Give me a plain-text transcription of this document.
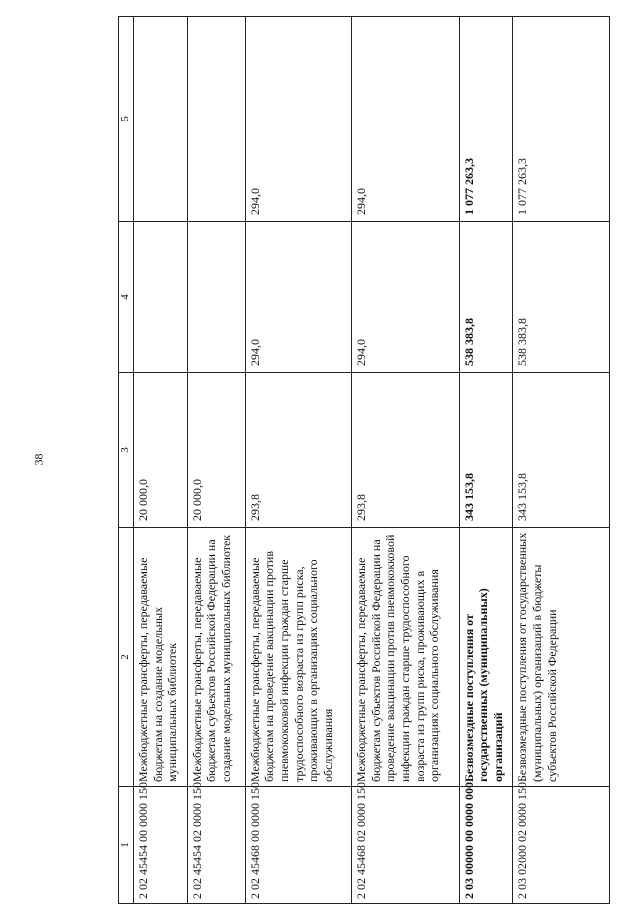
38
1	2	3	4	5
2 02 45454 00 0000 150	Межбюджетные трансферты, передаваемые бюджетам на создание модельных муниципальных библиотек	20 000,0		
2 02 45454 02 0000 150	Межбюджетные трансферты, передаваемые бюджетам субъектов Российской Федерации на создание модельных муниципальных библиотек	20 000,0		
2 02 45468 00 0000 150	Межбюджетные трансферты, передаваемые бюджетам на проведение вакцинации против пневмококковой инфекции граждан старше трудоспособного возраста из групп риска, проживающих в организациях социального обслуживания	293,8	294,0	294,0
2 02 45468 02 0000 150	Межбюджетные трансферты, передаваемые бюджетам субъектов Российской Федерации на проведение вакцинации против пневмококковой инфекции граждан старше трудоспособного возраста из групп риска, проживающих в организациях социального обслуживания	293,8	294,0	294,0
2 03 00000 00 0000 000	Безвозмездные поступления от государственных (муниципальных) организаций	343 153,8	538 383,8	1 077 263,3
2 03 02000 02 0000 150	Безвозмездные поступления от государственных (муниципальных) организаций в бюджеты субъектов Российской Федерации	343 153,8	538 383,8	1 077 263,3
